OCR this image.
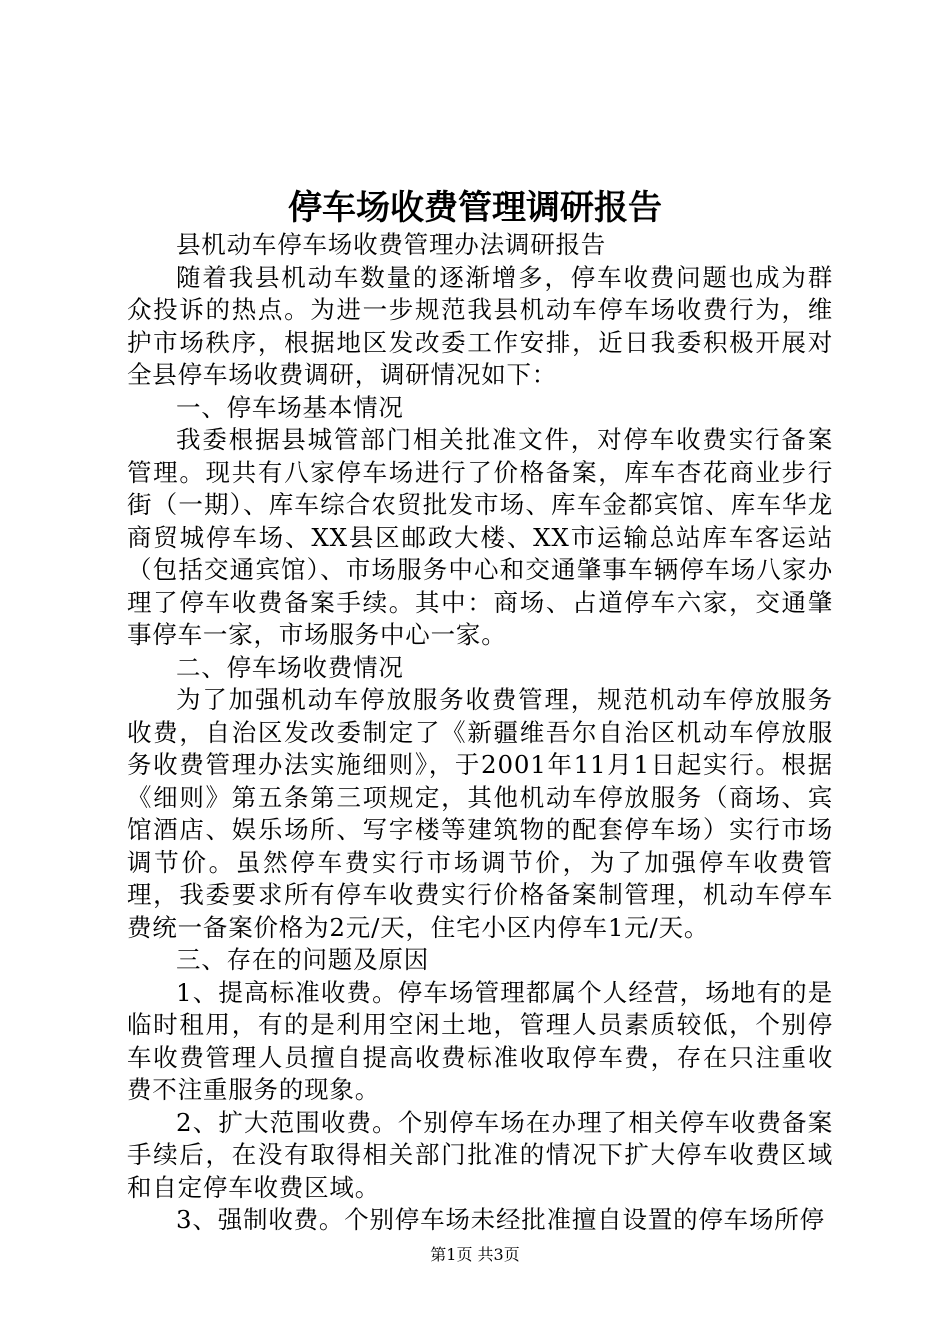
停车场收费管理调研报告

县机动车停车场收费管理办法调研报告

随着我县机动车数量的逐渐增多，停车收费问题也成为群众投诉的热点。为进一步规范我县机动车停车场收费行为，维护市场秩序，根据地区发改委工作安排，近日我委积极开展对全县停车场收费调研，调研情况如下：

一、停车场基本情况

我委根据县城管部门相关批准文件，对停车收费实行备案管理。现共有八家停车场进行了价格备案，库车杏花商业步行街（一期）、库车综合农贸批发市场、库车金都宾馆、库车华龙商贸城停车场、XX县区邮政大楼、XX市运输总站库车客运站（包括交通宾馆）、市场服务中心和交通肇事车辆停车场八家办理了停车收费备案手续。其中：商场、占道停车六家，交通肇事停车一家，市场服务中心一家。

二、停车场收费情况

为了加强机动车停放服务收费管理，规范机动车停放服务收费，自治区发改委制定了《新疆维吾尔自治区机动车停放服务收费管理办法实施细则》，于2001年11月1日起实行。根据《细则》第五条第三项规定，其他机动车停放服务（商场、宾馆酒店、娱乐场所、写字楼等建筑物的配套停车场）实行市场调节价。虽然停车费实行市场调节价，为了加强停车收费管理，我委要求所有停车收费实行价格备案制管理，机动车停车费统一备案价格为2元/天，住宅小区内停车1元/天。

三、存在的问题及原因

1、提高标准收费。停车场管理都属个人经营，场地有的是临时租用，有的是利用空闲土地，管理人员素质较低，个别停车收费管理人员擅自提高收费标准收取停车费，存在只注重收费不注重服务的现象。

2、扩大范围收费。个别停车场在办理了相关停车收费备案手续后，在没有取得相关部门批准的情况下扩大停车收费区域和自定停车收费区域。

3、强制收费。个别停车场未经批准擅自设置的停车场所停

第1页 共3页
